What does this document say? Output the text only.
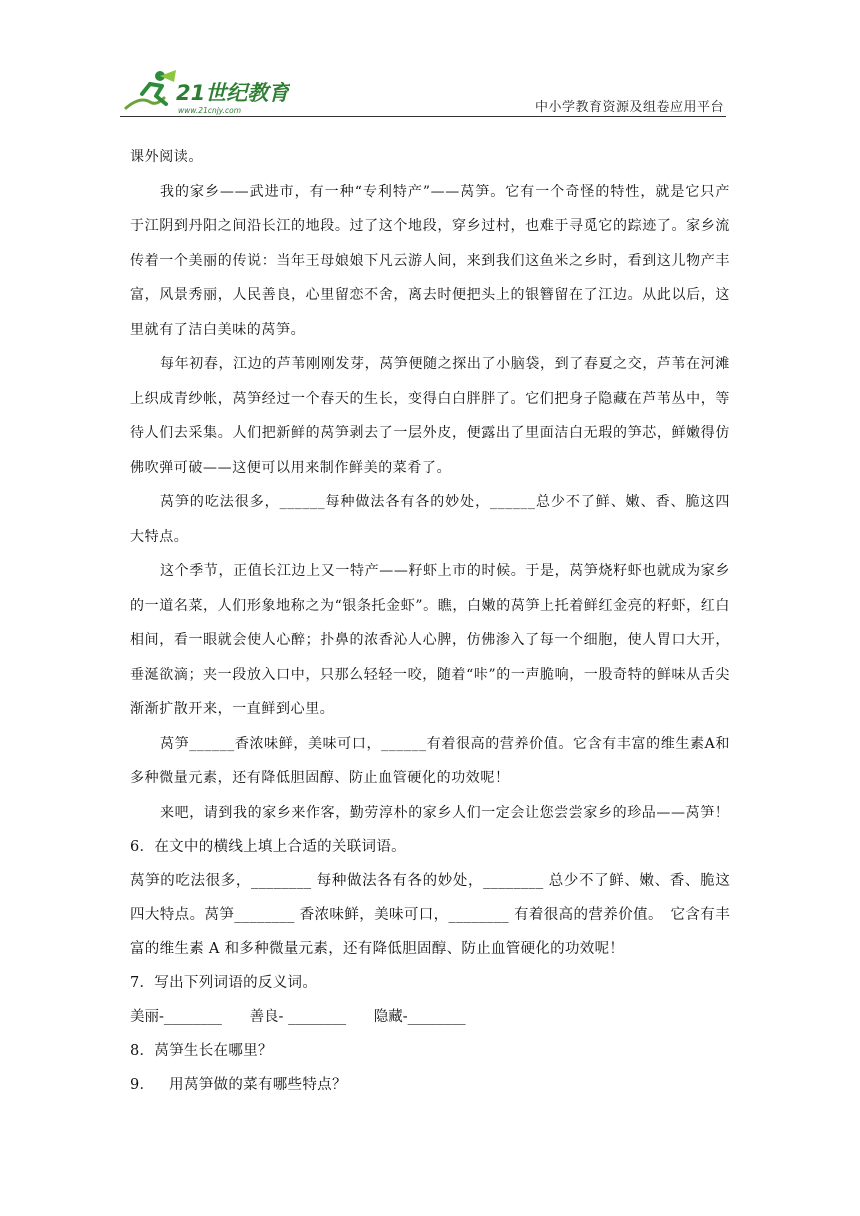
21世纪教育
www.21cnjy.com	中小学教育资源及组卷应用平台

课外阅读。

我的家乡——武进市，有一种“专利特产”——莴笋。它有一个奇怪的特性，就是它只产于江阴到丹阳之间沿长江的地段。过了这个地段，穿乡过村，也难于寻觅它的踪迹了。家乡流传着一个美丽的传说：当年王母娘娘下凡云游人间，来到我们这鱼米之乡时，看到这儿物产丰富，风景秀丽，人民善良，心里留恋不舍，离去时便把头上的银簪留在了江边。从此以后，这里就有了洁白美味的莴笋。

每年初春，江边的芦苇刚刚发芽，莴笋便随之探出了小脑袋，到了春夏之交，芦苇在河滩上织成青纱帐，莴笋经过一个春天的生长，变得白白胖胖了。它们把身子隐藏在芦苇丛中，等待人们去采集。人们把新鲜的莴笋剥去了一层外皮，便露出了里面洁白无瑕的笋芯，鲜嫩得仿佛吹弹可破——这便可以用来制作鲜美的菜肴了。

莴笋的吃法很多，______每种做法各有各的妙处，______总少不了鲜、嫩、香、脆这四大特点。

这个季节，正值长江边上又一特产——籽虾上市的时候。于是，莴笋烧籽虾也就成为家乡的一道名菜，人们形象地称之为“银条托金虾”。瞧，白嫩的莴笋上托着鲜红金亮的籽虾，红白相间，看一眼就会使人心醉；扑鼻的浓香沁人心脾，仿佛渗入了每一个细胞，使人胃口大开，垂涎欲滴；夹一段放入口中，只那么轻轻一咬，随着“咔”的一声脆响，一股奇特的鲜味从舌尖渐渐扩散开来，一直鲜到心里。

莴笋______香浓味鲜，美味可口，______有着很高的营养价值。它含有丰富的维生素A和多种微量元素，还有降低胆固醇、防止血管硬化的功效呢！

来吧，请到我的家乡来作客，勤劳淳朴的家乡人们一定会让您尝尝家乡的珍品——莴笋！

6．在文中的横线上填上合适的关联词语。

莴笋的吃法很多，________ 每种做法各有各的妙处，________ 总少不了鲜、嫩、香、脆这四大特点。莴笋________ 香浓味鲜，美味可口，________ 有着很高的营养价值。　它含有丰富的维生素 A 和多种微量元素，还有降低胆固醇、防止血管硬化的功效呢！

7．写出下列词语的反义词。

美丽-________ 善良- ________ 隐藏-________

8．莴笋生长在哪里？

9．　 用莴笋做的菜有哪些特点？
